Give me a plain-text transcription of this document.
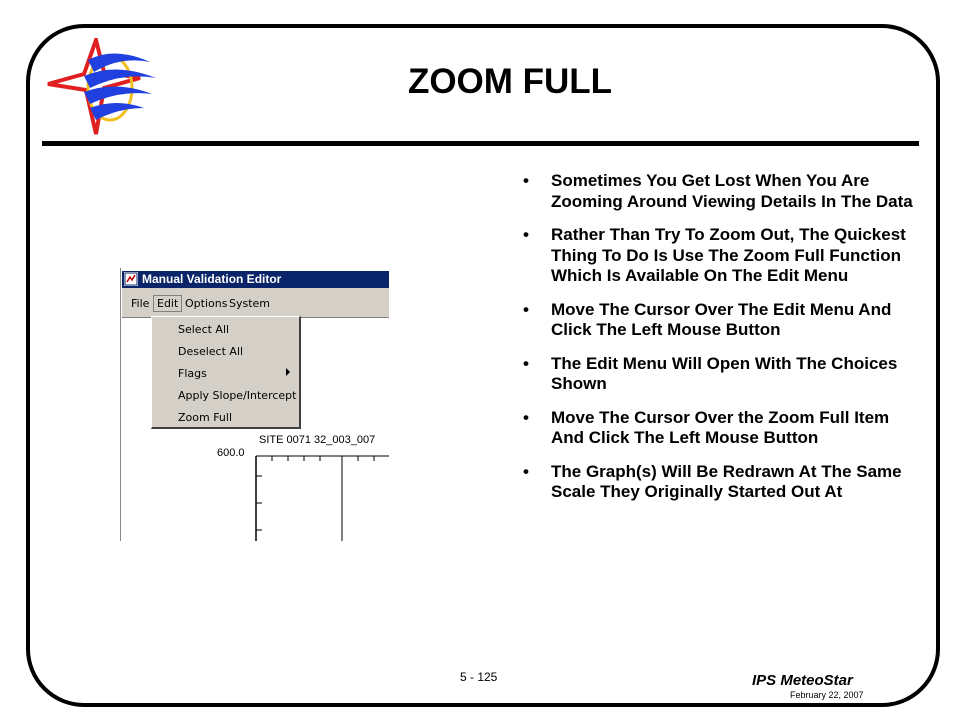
ZOOM FULL
• Sometimes You Get Lost When You Are Zooming Around Viewing Details In The Data
• Rather Than Try To Zoom Out, The Quickest Thing To Do Is Use The Zoom Full Function Which Is Available On The Edit Menu
• Move The Cursor Over The Edit Menu And Click The Left Mouse Button
• The Edit Menu Will Open With The Choices Shown
• Move The Cursor Over the Zoom Full Item And Click The Left Mouse Button
• The Graph(s) Will Be Redrawn At The Same Scale They Originally Started Out At
Manual Validation Editor
File Edit Options System
Select All
Deselect All
Flags
Apply Slope/Intercept
Zoom Full
SITE 0071 32_003_007
600.0
5 - 125	IPS MeteoStar
February 22, 2007
